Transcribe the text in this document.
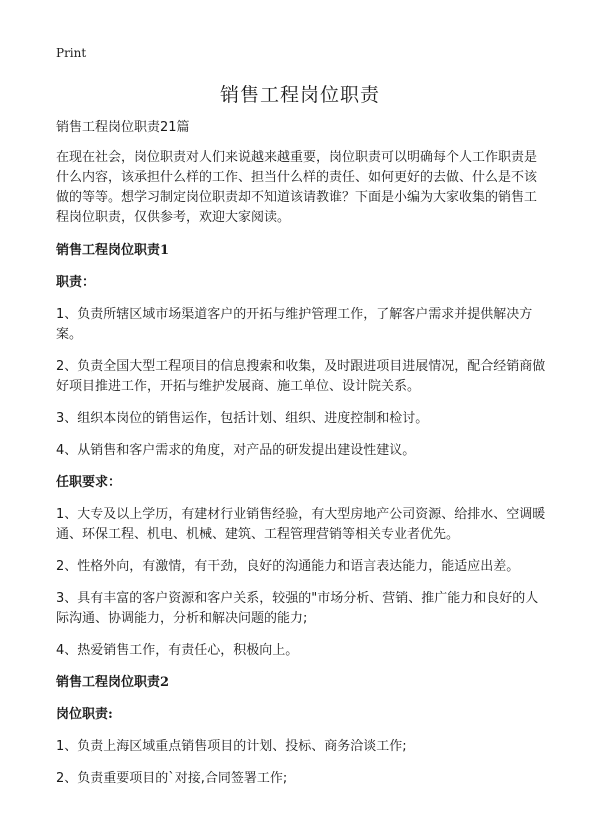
Print
销售工程岗位职责

销售工程岗位职责21篇

在现在社会，岗位职责对人们来说越来越重要，岗位职责可以明确每个人工作职责是什么内容，该承担什么样的工作、担当什么样的责任、如何更好的去做、什么是不该做的等等。想学习制定岗位职责却不知道该请教谁？下面是小编为大家收集的销售工程岗位职责，仅供参考，欢迎大家阅读。

销售工程岗位职责1

职责：

1、负责所辖区域市场渠道客户的开拓与维护管理工作，了解客户需求并提供解决方案。

2、负责全国大型工程项目的信息搜索和收集，及时跟进项目进展情况，配合经销商做好项目推进工作，开拓与维护发展商、施工单位、设计院关系。

3、组织本岗位的销售运作，包括计划、组织、进度控制和检讨。

4、从销售和客户需求的角度，对产品的研发提出建设性建议。

任职要求：

1、大专及以上学历，有建材行业销售经验，有大型房地产公司资源、给排水、空调暖通、环保工程、机电、机械、建筑、工程管理营销等相关专业者优先。

2、性格外向，有激情，有干劲，良好的沟通能力和语言表达能力，能适应出差。

3、具有丰富的客户资源和客户关系，较强的"市场分析、营销、推广能力和良好的人际沟通、协调能力，分析和解决问题的能力;

4、热爱销售工作，有责任心，积极向上。

销售工程岗位职责2

岗位职责:

1、负责上海区域重点销售项目的计划、投标、商务洽谈工作;

2、负责重要项目的`对接,合同签署工作;
